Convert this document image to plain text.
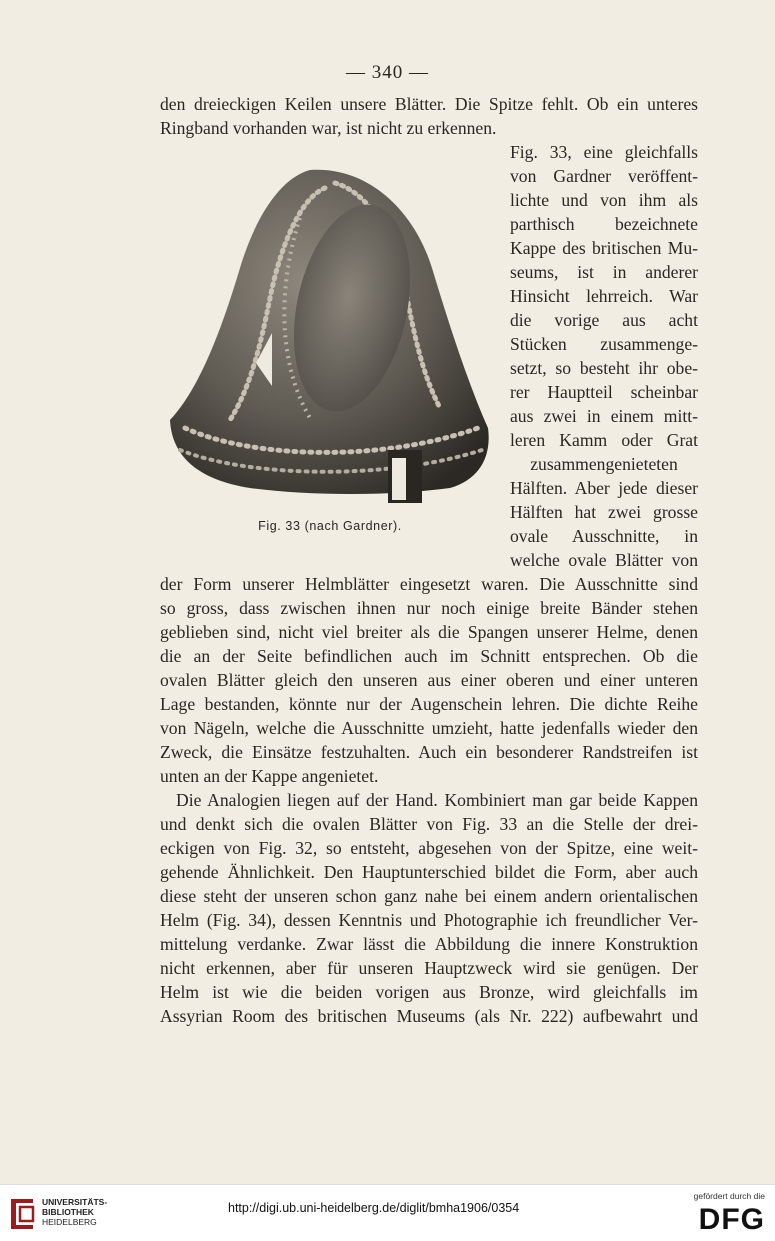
— 340 —
den dreieckigen Keilen unsere Blätter. Die Spitze fehlt. Ob ein unteres
Ringband vorhanden war, ist nicht zu erkennen.
Fig. 33 (nach Gardner).
Fig. 33, eine gleichfalls
von Gardner veröffent-
lichte und von ihm als
parthisch bezeichnete
Kappe des britischen Mu-
seums, ist in anderer
Hinsicht lehrreich. War
die vorige aus acht
Stücken zusammenge-
setzt, so besteht ihr obe-
rer Hauptteil scheinbar
aus zwei in einem mitt-
leren Kamm oder Grat
zusammengenieteten
Hälften. Aber jede dieser
Hälften hat zwei grosse
ovale Ausschnitte, in
welche ovale Blätter von
der Form unserer Helmblätter eingesetzt waren. Die Ausschnitte sind
so gross, dass zwischen ihnen nur noch einige breite Bänder stehen
geblieben sind, nicht viel breiter als die Spangen unserer Helme, denen
die an der Seite befindlichen auch im Schnitt entsprechen. Ob die
ovalen Blätter gleich den unseren aus einer oberen und einer unteren
Lage bestanden, könnte nur der Augenschein lehren. Die dichte Reihe
von Nägeln, welche die Ausschnitte umzieht, hatte jedenfalls wieder den
Zweck, die Einsätze festzuhalten. Auch ein besonderer Randstreifen ist
unten an der Kappe angenietet.
Die Analogien liegen auf der Hand. Kombiniert man gar beide Kappen
und denkt sich die ovalen Blätter von Fig. 33 an die Stelle der drei-
eckigen von Fig. 32, so entsteht, abgesehen von der Spitze, eine weit-
gehende Ähnlichkeit. Den Hauptunterschied bildet die Form, aber auch
diese steht der unseren schon ganz nahe bei einem andern orientalischen
Helm (Fig. 34), dessen Kenntnis und Photographie ich freundlicher Ver-
mittelung verdanke. Zwar lässt die Abbildung die innere Konstruktion
nicht erkennen, aber für unseren Hauptzweck wird sie genügen. Der
Helm ist wie die beiden vorigen aus Bronze, wird gleichfalls im
Assyrian Room des britischen Museums (als Nr. 222) aufbewahrt und
UNIVERSITÄTS-
BIBLIOTHEK
HEIDELBERG
http://digi.ub.uni-heidelberg.de/diglit/bmha1906/0354
gefördert durch die
DFG
